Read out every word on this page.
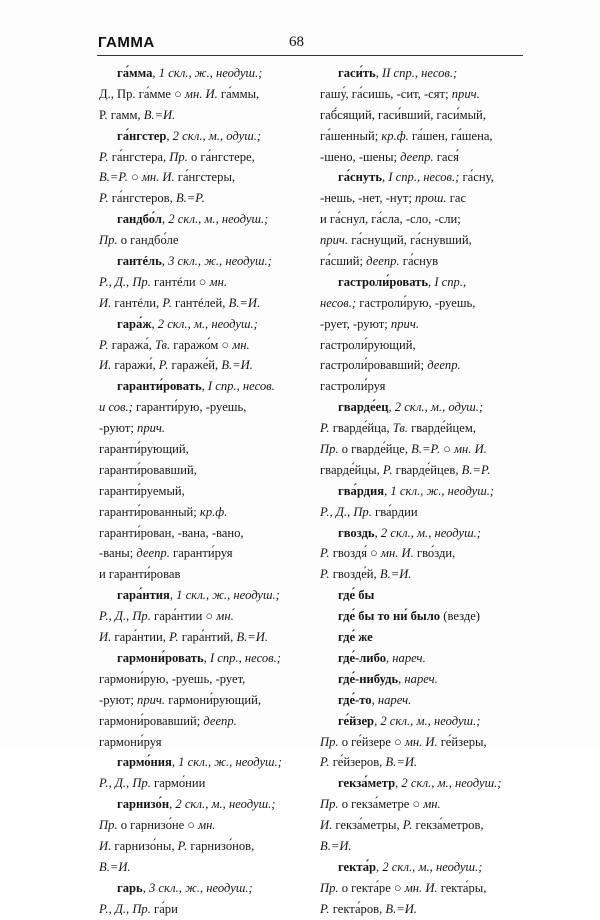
ГАММА	68
га́мма, 1 скл., ж., неодуш.;
Д., Пр. га́мме ○ мн. И. га́ммы,
Р. гамм, В.=И.
га́нгстер, 2 скл., м., одуш.;
Р. га́нгстера, Пр. о га́нгстере,
В.=Р. ○ мн. И. га́нгстеры,
Р. га́нгстеров, В.=Р.
гандбо́л, 2 скл., м., неодуш.;
Пр. о гандбо́ле
гантéль, 3 скл., ж., неодуш.;
Р., Д., Пр. гантéли ○ мн.
И. гантéли, Р. гантéлей, В.=И.
гара́ж, 2 скл., м., неодуш.;
Р. гаража́, Тв. гаражо́м ○ мн.
И. гаражи́, Р. гараже́й, В.=И.
гаранти́ровать, I спр., несов.
и сов.; гаранти́рую, -руешь,
-руют; прич.
гаранти́рующий,
гаранти́ровавший,
гаранти́руемый,
гаранти́рованный; кр.ф.
гаранти́рован, -вана, -вано,
-ваны; деепр. гаранти́руя
и гаранти́ровав
гара́нтия, 1 скл., ж., неодуш.;
Р., Д., Пр. гара́нтии ○ мн.
И. гара́нтии, Р. гара́нтий, В.=И.
гармони́ровать, I спр., несов.;
гармони́рую, -руешь, -рует,
-руют; прич. гармони́рующий,
гармони́ровавший; деепр.
гармони́руя
гармо́ния, 1 скл., ж., неодуш.;
Р., Д., Пр. гармо́нии
гарнизо́н, 2 скл., м., неодуш.;
Пр. о гарнизо́не ○ мн.
И. гарнизо́ны, Р. гарнизо́нов,
В.=И.
гарь, 3 скл., ж., неодуш.;
Р., Д., Пр. га́ри
гаси́ть, II спр., несов.;
гашу́, га́сишь, -сит, -сят; прич.
габ́сящий, гаси́вший, гаси́мый,
га́шенный; кр.ф. га́шен, га́шена,
-шено, -шены; деепр. гася́
га́снуть, I спр., несов.; га́сну,
-нешь, -нет, -нут; прош. гас
и га́снул, га́сла, -сло, -сли;
прич. га́снущий, га́снувший,
га́сший; деепр. га́снув
гастроли́ровать, I спр.,
несов.; гастроли́рую, -руешь,
-рует, -руют; прич.
гастроли́рующий,
гастроли́ровавший; деепр.
гастроли́руя
гварде́ец, 2 скл., м., одуш.;
Р. гварде́йца, Тв. гварде́йцем,
Пр. о гварде́йце, В.=Р. ○ мн. И.
гварде́йцы, Р. гварде́йцев, В.=Р.
гва́рдия, 1 скл., ж., неодуш.;
Р., Д., Пр. гва́рдии
гвоздь, 2 скл., м., неодуш.;
Р. гвоздя́ ○ мн. И. гво́зди,
Р. гвозде́й, В.=И.
где́ бы
где́ бы то ни́ было (везде)
где́ же
где́-либо, нареч.
где́-нибудь, нареч.
где́-то, нареч.
ге́йзер, 2 скл., м., неодуш.;
Пр. о ге́йзере ○ мн. И. ге́йзеры,
Р. ге́йзеров, В.=И.
гекза́метр, 2 скл., м., неодуш.;
Пр. о гекза́метре ○ мн.
И. гекза́метры, Р. гекза́метров,
В.=И.
гекта́р, 2 скл., м., неодуш.;
Пр. о гекта́ре ○ мн. И. гекта́ры,
Р. гекта́ров, В.=И.
